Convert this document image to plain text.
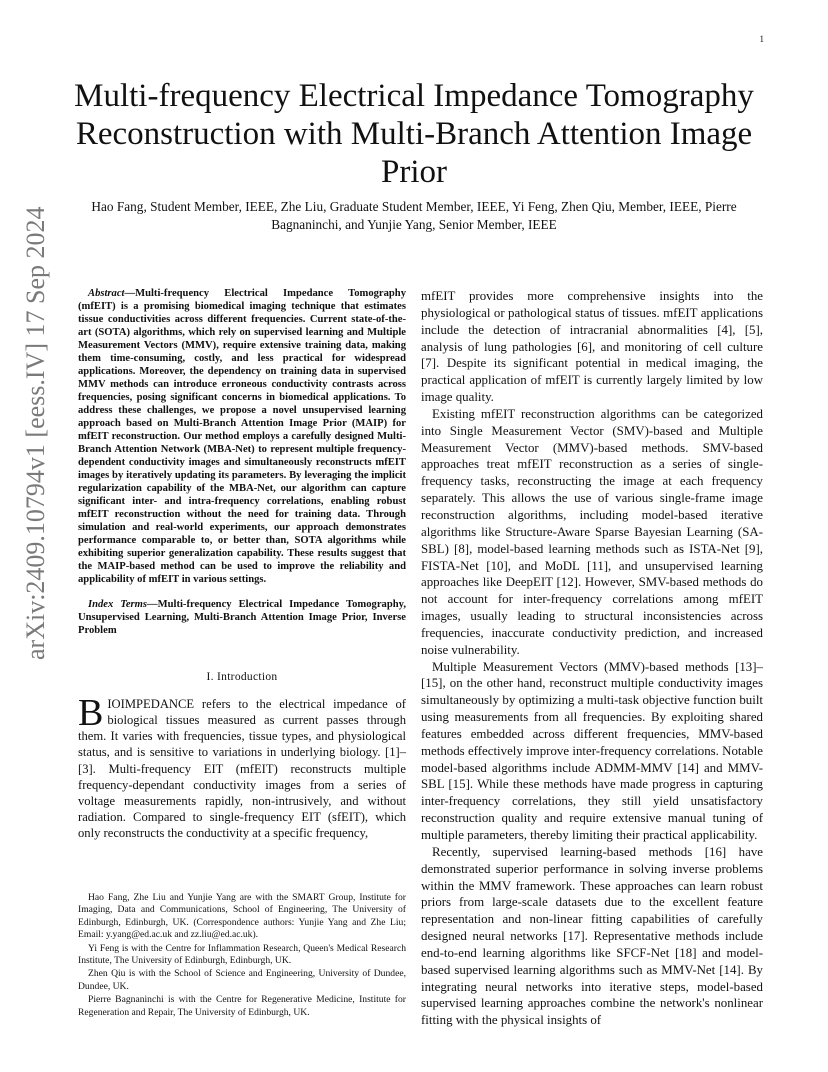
1
arXiv:2409.10794v1 [eess.IV] 17 Sep 2024
Multi-frequency Electrical Impedance Tomography Reconstruction with Multi-Branch Attention Image Prior
Hao Fang, Student Member, IEEE, Zhe Liu, Graduate Student Member, IEEE, Yi Feng, Zhen Qiu, Member, IEEE, Pierre Bagnaninchi, and Yunjie Yang, Senior Member, IEEE

Abstract—Multi-frequency Electrical Impedance Tomography (mfEIT) is a promising biomedical imaging technique that estimates tissue conductivities across different frequencies. Current state-of-the-art (SOTA) algorithms, which rely on supervised learning and Multiple Measurement Vectors (MMV), require extensive training data, making them time-consuming, costly, and less practical for widespread applications. Moreover, the dependency on training data in supervised MMV methods can introduce erroneous conductivity contrasts across frequencies, posing significant concerns in biomedical applications. To address these challenges, we propose a novel unsupervised learning approach based on Multi-Branch Attention Image Prior (MAIP) for mfEIT reconstruction. Our method employs a carefully designed Multi-Branch Attention Network (MBA-Net) to represent multiple frequency-dependent conductivity images and simultaneously reconstructs mfEIT images by iteratively updating its parameters. By leveraging the implicit regularization capability of the MBA-Net, our algorithm can capture significant inter- and intra-frequency correlations, enabling robust mfEIT reconstruction without the need for training data. Through simulation and real-world experiments, our approach demonstrates performance comparable to, or better than, SOTA algorithms while exhibiting superior generalization capability. These results suggest that the MAIP-based method can be used to improve the reliability and applicability of mfEIT in various settings.

Index Terms—Multi-frequency Electrical Impedance Tomography, Unsupervised Learning, Multi-Branch Attention Image Prior, Inverse Problem

I. Introduction

BIOIMPEDANCE refers to the electrical impedance of biological tissues measured as current passes through them. It varies with frequencies, tissue types, and physiological status, and is sensitive to variations in underlying biology. [1]–[3]. Multi-frequency EIT (mfEIT) reconstructs multiple frequency-dependant conductivity images from a series of voltage measurements rapidly, non-intrusively, and without radiation. Compared to single-frequency EIT (sfEIT), which only reconstructs the conductivity at a specific frequency,

Hao Fang, Zhe Liu and Yunjie Yang are with the SMART Group, Institute for Imaging, Data and Communications, School of Engineering, The University of Edinburgh, Edinburgh, UK. (Correspondence authors: Yunjie Yang and Zhe Liu; Email: y.yang@ed.ac.uk and zz.liu@ed.ac.uk).

Yi Feng is with the Centre for Inflammation Research, Queen's Medical Research Institute, The University of Edinburgh, Edinburgh, UK.

Zhen Qiu is with the School of Science and Engineering, University of Dundee, Dundee, UK.

Pierre Bagnaninchi is with the Centre for Regenerative Medicine, Institute for Regeneration and Repair, The University of Edinburgh, UK.

mfEIT provides more comprehensive insights into the physiological or pathological status of tissues. mfEIT applications include the detection of intracranial abnormalities [4], [5], analysis of lung pathologies [6], and monitoring of cell culture [7]. Despite its significant potential in medical imaging, the practical application of mfEIT is currently largely limited by low image quality.

Existing mfEIT reconstruction algorithms can be categorized into Single Measurement Vector (SMV)-based and Multiple Measurement Vector (MMV)-based methods. SMV-based approaches treat mfEIT reconstruction as a series of single-frequency tasks, reconstructing the image at each frequency separately. This allows the use of various single-frame image reconstruction algorithms, including model-based iterative algorithms like Structure-Aware Sparse Bayesian Learning (SA-SBL) [8], model-based learning methods such as ISTA-Net [9], FISTA-Net [10], and MoDL [11], and unsupervised learning approaches like DeepEIT [12]. However, SMV-based methods do not account for inter-frequency correlations among mfEIT images, usually leading to structural inconsistencies across frequencies, inaccurate conductivity prediction, and increased noise vulnerability.

Multiple Measurement Vectors (MMV)-based methods [13]–[15], on the other hand, reconstruct multiple conductivity images simultaneously by optimizing a multi-task objective function built using measurements from all frequencies. By exploiting shared features embedded across different frequencies, MMV-based methods effectively improve inter-frequency correlations. Notable model-based algorithms include ADMM-MMV [14] and MMV-SBL [15]. While these methods have made progress in capturing inter-frequency correlations, they still yield unsatisfactory reconstruction quality and require extensive manual tuning of multiple parameters, thereby limiting their practical applicability.

Recently, supervised learning-based methods [16] have demonstrated superior performance in solving inverse problems within the MMV framework. These approaches can learn robust priors from large-scale datasets due to the excellent feature representation and non-linear fitting capabilities of carefully designed neural networks [17]. Representative methods include end-to-end learning algorithms like SFCF-Net [18] and model-based supervised learning algorithms such as MMV-Net [14]. By integrating neural networks into iterative steps, model-based supervised learning approaches combine the network's nonlinear fitting with the physical insights of
